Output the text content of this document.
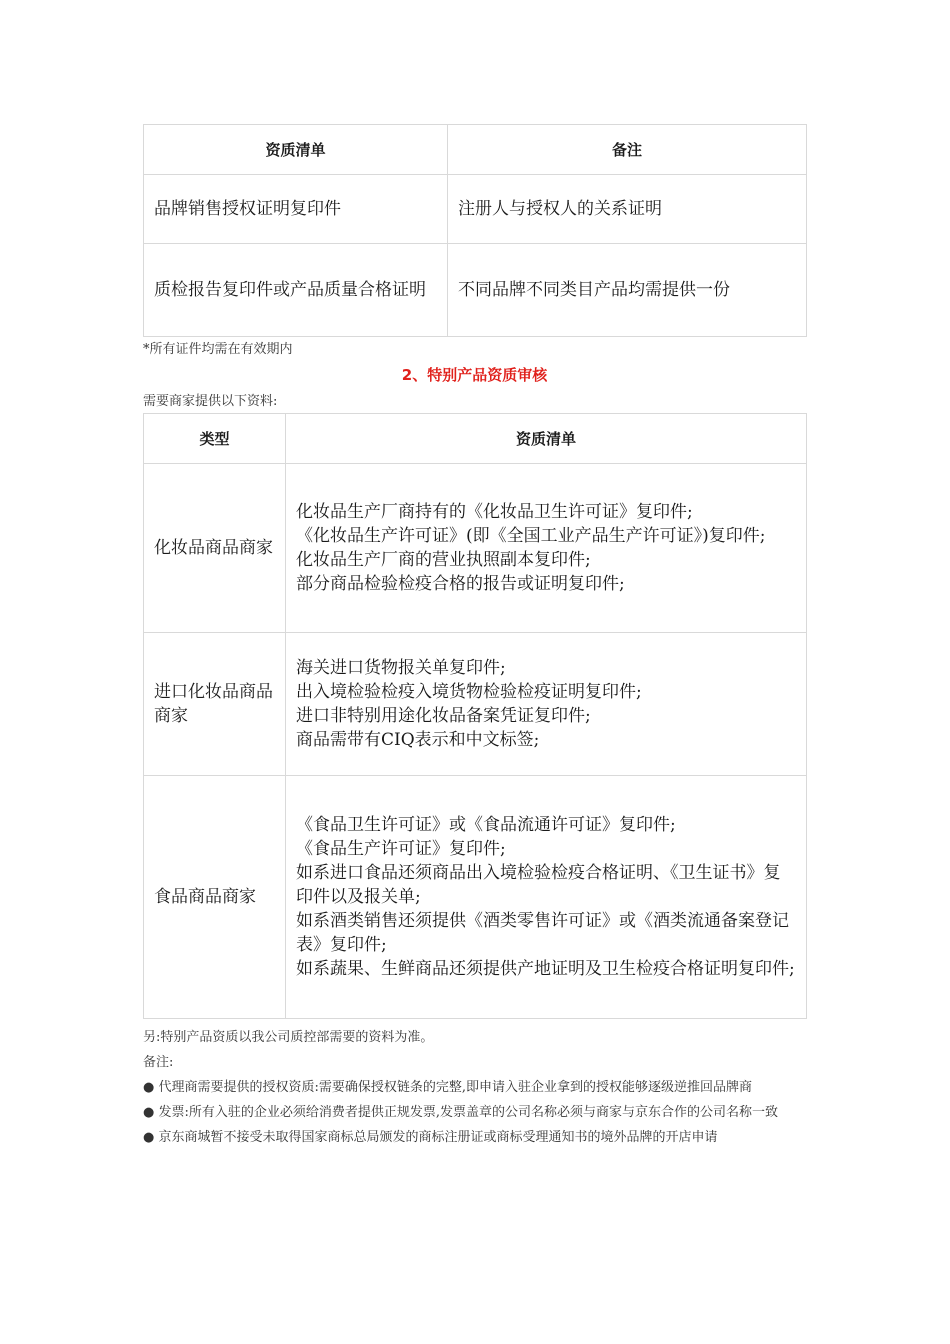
资质清单	备注
品牌销售授权证明复印件	注册人与授权人的关系证明
质检报告复印件或产品质量合格证明	不同品牌不同类目产品均需提供一份
*所有证件均需在有效期内
2、特别产品资质审核
需要商家提供以下资料:
类型	资质清单
化妆品商品商家	化妆品生产厂商持有的《化妆品卫生许可证》复印件;
《化妆品生产许可证》(即《全国工业产品生产许可证》)复印件;
化妆品生产厂商的营业执照副本复印件;
部分商品检验检疫合格的报告或证明复印件;

进口化妆品商品商家	海关进口货物报关单复印件;
出入境检验检疫入境货物检验检疫证明复印件;
进口非特别用途化妆品备案凭证复印件;
商品需带有CIQ表示和中文标签;

食品商品商家	《食品卫生许可证》或《食品流通许可证》复印件;
《食品生产许可证》复印件;
如系进口食品还须商品出入境检验检疫合格证明、《卫生证书》复印件以及报关单;
如系酒类销售还须提供《酒类零售许可证》或《酒类流通备案登记表》复印件;
如系蔬果、生鲜商品还须提供产地证明及卫生检疫合格证明复印件;

另:特别产品资质以我公司质控部需要的资料为准。

备注:

● 代理商需要提供的授权资质:需要确保授权链条的完整,即申请入驻企业拿到的授权能够逐级逆推回品牌商

● 发票:所有入驻的企业必须给消费者提供正规发票,发票盖章的公司名称必须与商家与京东合作的公司名称一致

● 京东商城暂不接受未取得国家商标总局颁发的商标注册证或商标受理通知书的境外品牌的开店申请
